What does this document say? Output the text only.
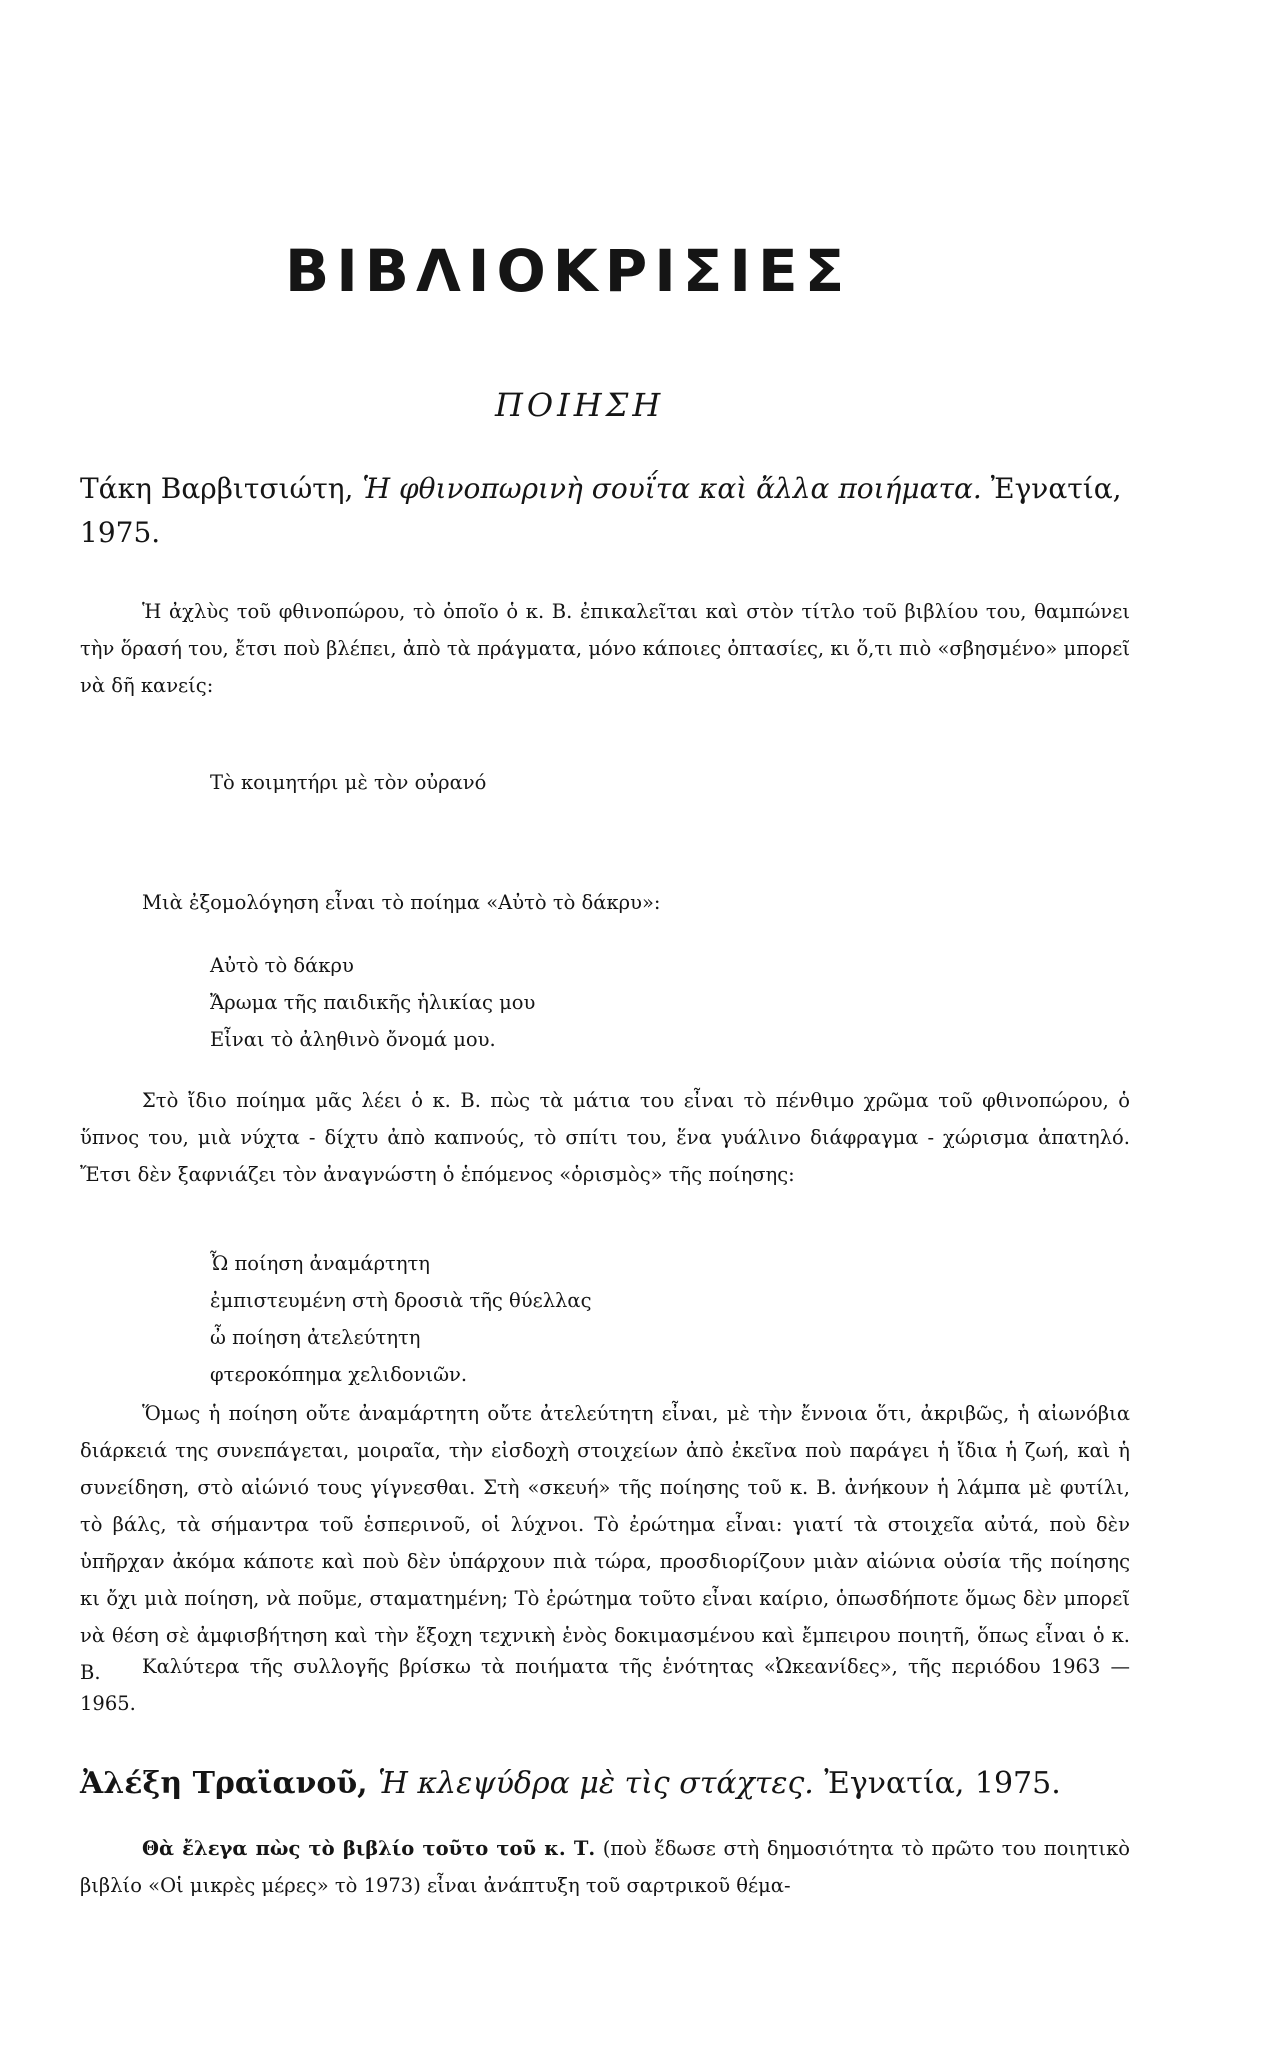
ΒΙΒΛΙΟΚΡΙΣΙΕΣ
ΠΟΙΗΣΗ
Τάκη Βαρβιτσιώτη, Ἡ φθινοπωρινὴ σουΐτα καὶ ἄλλα ποιήματα. Ἐγνατία, 1975.
Ἡ ἀχλὺς τοῦ φθινοπώρου, τὸ ὁποῖο ὁ κ. Β. ἐπικαλεῖται καὶ στὸν τίτλο τοῦ βιβλίου του, θαμπώνει τὴν ὅρασή του, ἔτσι ποὺ βλέπει, ἀπὸ τὰ πράγματα, μόνο κάποιες ὀπτασίες, κι ὅ,τι πιὸ «σβησμένο» μπορεῖ νὰ δῆ κανείς:
Τὸ κοιμητήρι μὲ τὸν οὐρανό
Μιὰ ἐξομολόγηση εἶναι τὸ ποίημα «Αὐτὸ τὸ δάκρυ»:
Αὐτὸ τὸ δάκρυ
Ἄρωμα τῆς παιδικῆς ἡλικίας μου
Εἶναι τὸ ἀληθινὸ ὄνομά μου.
Στὸ ἴδιο ποίημα μᾶς λέει ὁ κ. Β. πὼς τὰ μάτια του εἶναι τὸ πένθιμο χρῶμα τοῦ φθινοπώρου, ὁ ὕπνος του, μιὰ νύχτα - δίχτυ ἀπὸ καπνούς, τὸ σπίτι του, ἕνα γυάλινο διάφραγμα - χώρισμα ἀπατηλό. Ἔτσι δὲν ξαφνιάζει τὸν ἀναγνώστη ὁ ἑπόμενος «ὁρισμὸς» τῆς ποίησης:
Ὦ ποίηση ἀναμάρτητη
ἐμπιστευμένη στὴ δροσιὰ τῆς θύελλας
ὦ ποίηση ἀτελεύτητη
φτεροκόπημα χελιδονιῶν.
Ὅμως ἡ ποίηση οὔτε ἀναμάρτητη οὔτε ἀτελεύτητη εἶναι, μὲ τὴν ἔννοια ὅτι, ἀκριβῶς, ἡ αἰωνόβια διάρκειά της συνεπάγεται, μοιραῖα, τὴν εἰσδοχὴ στοιχείων ἀπὸ ἐκεῖνα ποὺ παράγει ἡ ἴδια ἡ ζωή, καὶ ἡ συνείδηση, στὸ αἰώνιό τους γίγνεσθαι. Στὴ «σκευή» τῆς ποίησης τοῦ κ. Β. ἀνήκουν ἡ λάμπα μὲ φυτίλι, τὸ βάλς, τὰ σήμαντρα τοῦ ἑσπερινοῦ, οἱ λύχνοι. Τὸ ἐρώτημα εἶναι: γιατί τὰ στοιχεῖα αὐτά, ποὺ δὲν ὑπῆρχαν ἀκόμα κάποτε καὶ ποὺ δὲν ὑπάρχουν πιὰ τώρα, προσδιορίζουν μιὰν αἰώνια οὐσία τῆς ποίησης κι ὄχι μιὰ ποίηση, νὰ ποῦμε, σταματημένη; Τὸ ἐρώτημα τοῦτο εἶναι καίριο, ὁπωσδήποτε ὅμως δὲν μπορεῖ νὰ θέση σὲ ἀμφισβήτηση καὶ τὴν ἔξοχη τεχνικὴ ἑνὸς δοκιμασμένου καὶ ἔμπειρου ποιητῆ, ὅπως εἶναι ὁ κ. Β.	Καλύτερα τῆς συλλογῆς βρίσκω τὰ ποιήματα τῆς ἑνότητας «Ὠκεανίδες», τῆς περιόδου 1963 — 1965.
Ἀλέξη Τραϊανοῦ, Ἡ κλεψύδρα μὲ τὶς στάχτες. Ἐγνατία, 1975.
Θὰ ἔλεγα πὼς τὸ βιβλίο τοῦτο τοῦ κ. Τ. (ποὺ ἔδωσε στὴ δημοσιότητα τὸ πρῶτο του ποιητικὸ βιβλίο «Οἱ μικρὲς μέρες» τὸ 1973) εἶναι ἀνάπτυξη τοῦ σαρτρικοῦ θέμα-
